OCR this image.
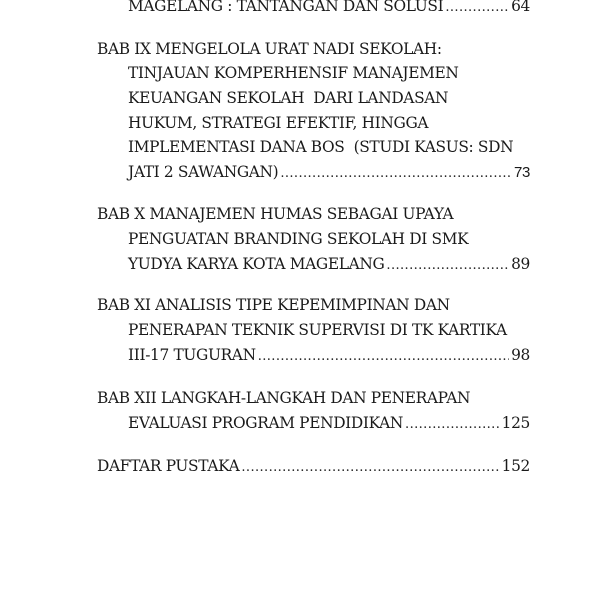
MAGELANG : TANTANGAN DAN SOLUSI .....	64
BAB IX MENGELOLA URAT NADI SEKOLAH:
TINJAUAN KOMPERHENSIF MANAJEMEN
KEUANGAN SEKOLAH  DARI LANDASAN
HUKUM, STRATEGI EFEKTIF, HINGGA
IMPLEMENTASI DANA BOS  (STUDI KASUS: SDN
JATI 2 SAWANGAN) .....	73
BAB X MANAJEMEN HUMAS SEBAGAI UPAYA
PENGUATAN BRANDING SEKOLAH DI SMK
YUDYA KARYA KOTA MAGELANG .....	89
BAB XI ANALISIS TIPE KEPEMIMPINAN DAN
PENERAPAN TEKNIK SUPERVISI DI TK KARTIKA
III-17 TUGURAN .....	98
BAB XII LANGKAH-LANGKAH DAN PENERAPAN
EVALUASI PROGRAM PENDIDIKAN .....	125
DAFTAR PUSTAKA .....	152
